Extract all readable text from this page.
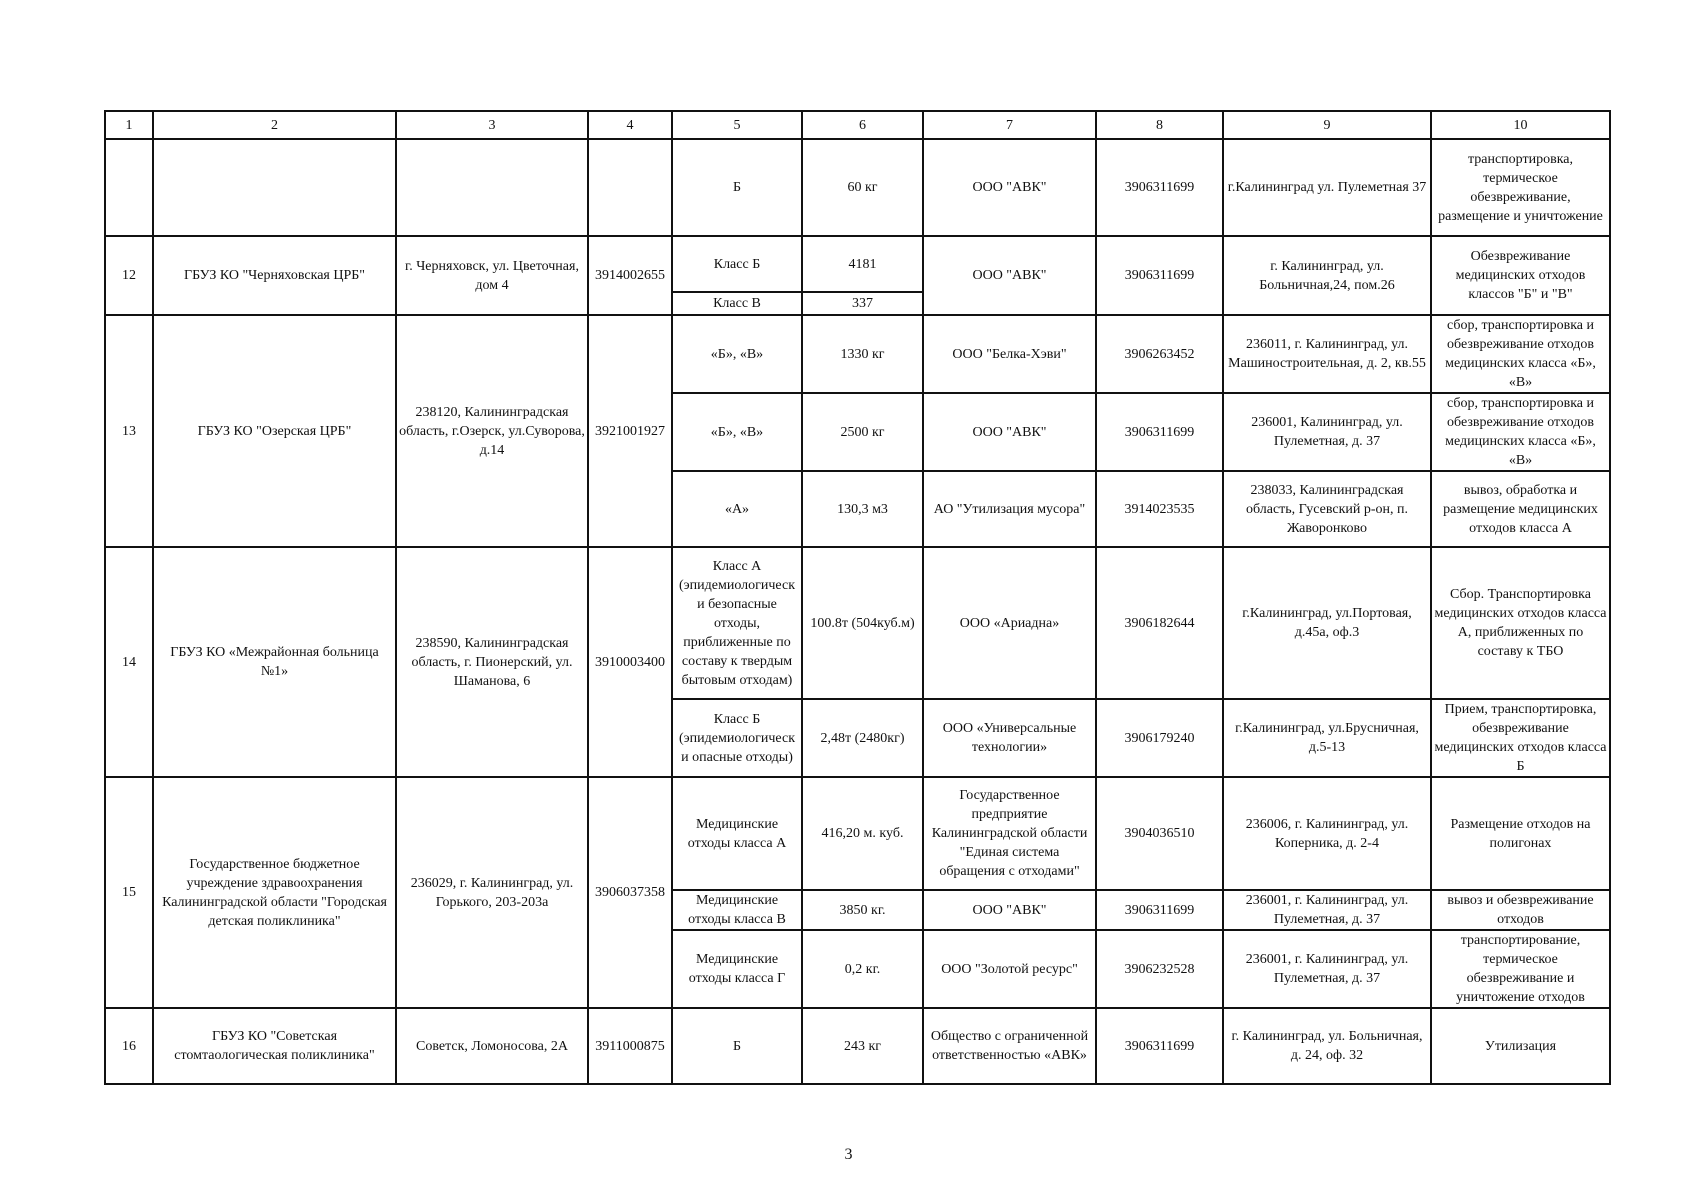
1	2	3	4	5	6	7	8	9	10
				Б	60 кг	ООО "АВК"	3906311699	г.Калининград ул. Пулеметная 37	транспортировка, термическое обезвреживание, размещение и уничтожение
12	ГБУЗ КО "Черняховская ЦРБ"	г. Черняховск, ул. Цветочная, дом 4	3914002655	Класс Б	4181	ООО "АВК"	3906311699	г. Калининград, ул. Больничная,24, пом.26	Обезвреживание медицинских отходов классов "Б" и "В"
				Класс В	337				
13	ГБУЗ КО "Озерская ЦРБ"	238120, Калининградская область, г.Озерск, ул.Суворова, д.14	3921001927	«Б», «В»	1330 кг	ООО "Белка-Хэви"	3906263452	236011, г. Калининград, ул. Машиностроительная, д. 2, кв.55	сбор, транспортировка и обезвреживание отходов медицинских класса «Б», «В»
				«Б», «В»	2500 кг	ООО "АВК"	3906311699	236001, Калининград, ул. Пулеметная, д. 37	сбор, транспортировка и обезвреживание отходов медицинских класса «Б», «В»
				«А»	130,3 м3	АО "Утилизация мусора"	3914023535	238033, Калининградская область, Гусевский р-он, п. Жаворонково	вывоз, обработка и размещение медицинских отходов класса А
14	ГБУЗ КО «Межрайонная больница №1»	238590, Калининградская область, г. Пионерский, ул. Шаманова, 6	3910003400	Класс А (эпидемиологическ и безопасные отходы, приближенные по составу к твердым бытовым отходам)	100.8т (504куб.м)	ООО «Ариадна»	3906182644	г.Калининград, ул.Портовая, д.45а, оф.3	Сбор. Транспортировка медицинских отходов класса А, приближенных по составу к ТБО
				Класс Б (эпидемиологическ и опасные отходы)	2,48т (2480кг)	ООО «Универсальные технологии»	3906179240	г.Калининград, ул.Брусничная, д.5-13	Прием, транспортировка, обезвреживание медицинских отходов класса Б
15	Государственное бюджетное учреждение здравоохранения Калининградской области "Городская детская поликлиника"	236029, г. Калининград, ул. Горького, 203-203а	3906037358	Медицинские отходы класса А	416,20 м. куб.	Государственное предприятие Калининградской области "Единая система обращения с отходами"	3904036510	236006, г. Калининград, ул. Коперника, д. 2-4	Размещение отходов на полигонах
				Медицинские отходы класса В	3850 кг.	ООО "АВК"	3906311699	236001, г. Калининград, ул. Пулеметная, д. 37	вывоз и обезвреживание отходов
				Медицинские отходы класса Г	0,2 кг.	ООО "Золотой ресурс"	3906232528	236001, г. Калининград, ул. Пулеметная, д. 37	транспортирование, термическое обезвреживание и уничтожение отходов
16	ГБУЗ КО "Советская стомтаологическая поликлиника"	Советск, Ломоносова, 2А	3911000875	Б	243 кг	Общество с ограниченной ответственностью «АВК»	3906311699	г. Калининград, ул. Больничная, д. 24, оф. 32	Утилизация
3
